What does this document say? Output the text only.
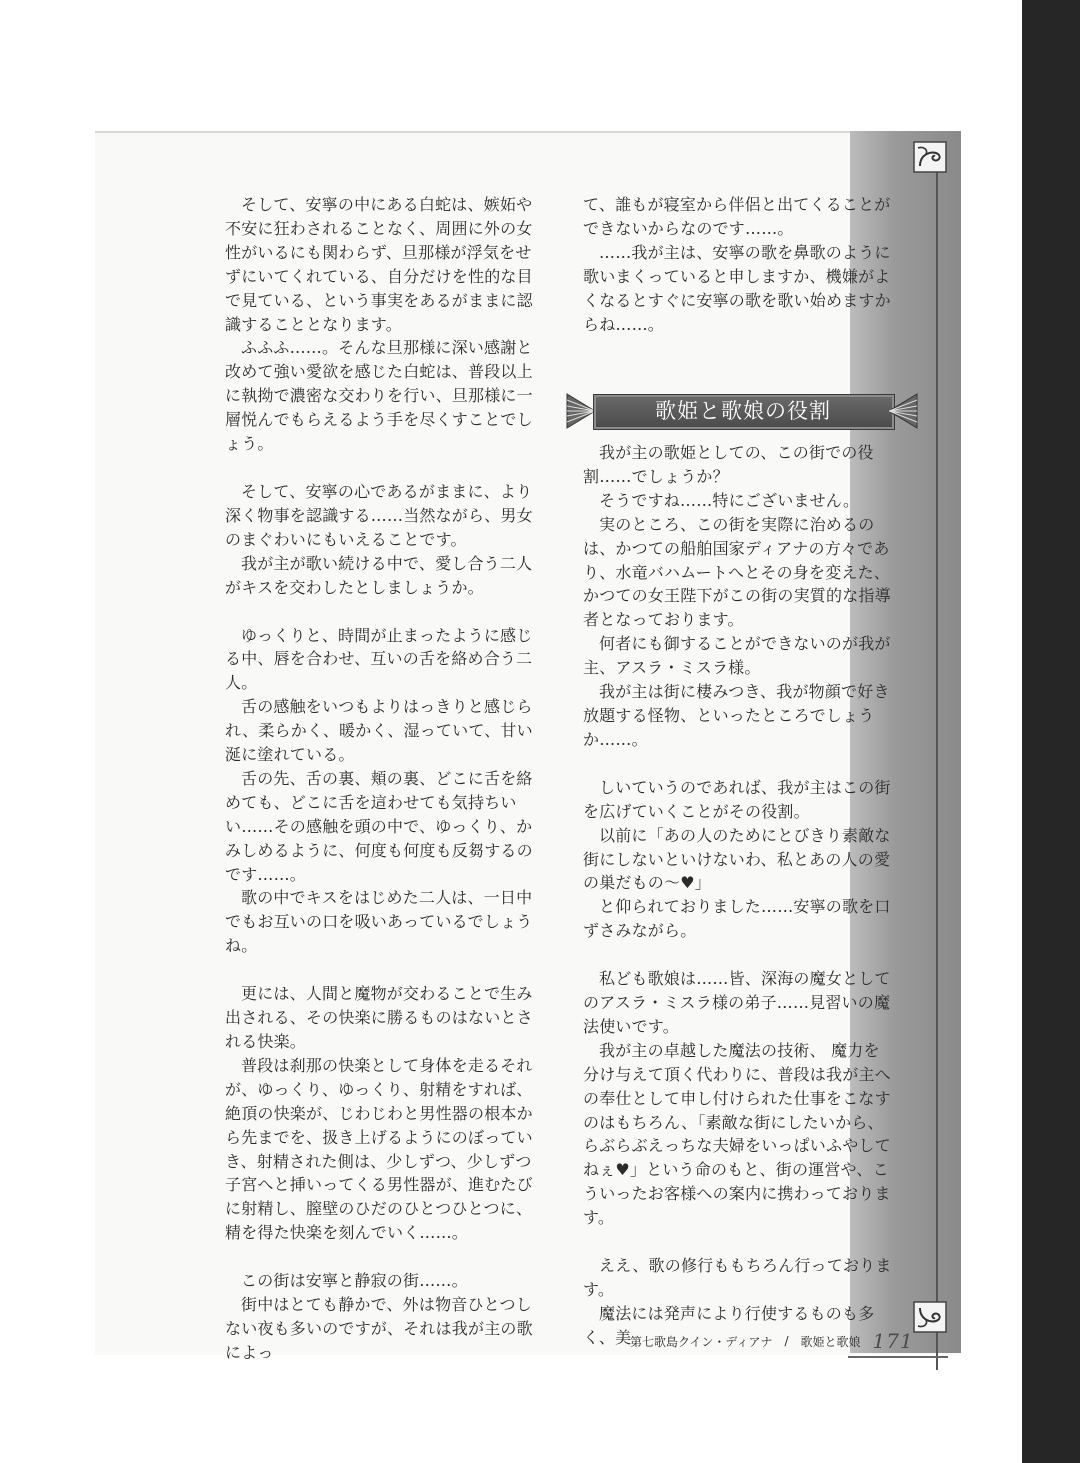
そして、安寧の中にある白蛇は、嫉妬や不安に狂わされることなく、周囲に外の女性がいるにも関わらず、旦那様が浮気をせずにいてくれている、自分だけを性的な目で見ている、という事実をあるがままに認識することとなります。

ふふふ……。そんな旦那様に深い感謝と改めて強い愛欲を感じた白蛇は、普段以上に執拗で濃密な交わりを行い、旦那様に一層悦んでもらえるよう手を尽くすことでしょう。

そして、安寧の心であるがままに、より深く物事を認識する……当然ながら、男女のまぐわいにもいえることです。

我が主が歌い続ける中で、愛し合う二人がキスを交わしたとしましょうか。

ゆっくりと、時間が止まったように感じる中、唇を合わせ、互いの舌を絡め合う二人。

舌の感触をいつもよりはっきりと感じられ、柔らかく、暖かく、湿っていて、甘い涎に塗れている。

舌の先、舌の裏、頬の裏、どこに舌を絡めても、どこに舌を這わせても気持ちいい……その感触を頭の中で、ゆっくり、かみしめるように、何度も何度も反芻するのです……。

歌の中でキスをはじめた二人は、一日中でもお互いの口を吸いあっているでしょうね。

更には、人間と魔物が交わることで生み出される、その快楽に勝るものはないとされる快楽。

普段は刹那の快楽として身体を走るそれが、ゆっくり、ゆっくり、射精をすれば、絶頂の快楽が、じわじわと男性器の根本から先までを、扱き上げるようにのぼっていき、射精された側は、少しずつ、少しずつ子宮へと挿いってくる男性器が、進むたびに射精し、膣壁のひだのひとつひとつに、精を得た快楽を刻んでいく……。

この街は安寧と静寂の街……。

街中はとても静かで、外は物音ひとつしない夜も多いのですが、それは我が主の歌によっ

て、誰もが寝室から伴侶と出てくることができないからなのです……。

……我が主は、安寧の歌を鼻歌のように歌いまくっていると申しますか、機嫌がよくなるとすぐに安寧の歌を歌い始めますからね……。

歌姫と歌娘の役割

我が主の歌姫としての、この街での役割……でしょうか？

そうですね……特にございません。

実のところ、この街を実際に治めるのは、かつての船舶国家ディアナの方々であり、水竜バハムートへとその身を変えた、かつての女王陛下がこの街の実質的な指導者となっております。

何者にも御することができないのが我が主、アスラ・ミスラ様。

我が主は街に棲みつき、我が物顔で好き放題する怪物、といったところでしょうか……。

しいていうのであれば、我が主はこの街を広げていくことがその役割。

以前に「あの人のためにとびきり素敵な街にしないといけないわ、私とあの人の愛の巣だもの～♥」

と仰られておりました……安寧の歌を口ずさみながら。

私ども歌娘は……皆、深海の魔女としてのアスラ・ミスラ様の弟子……見習いの魔法使いです。

我が主の卓越した魔法の技術、 魔力を分け与えて頂く代わりに、普段は我が主への奉仕として申し付けられた仕事をこなすのはもちろん、「素敵な街にしたいから、らぶらぶえっちな夫婦をいっぱいふやしてねぇ♥」という命のもと、街の運営や、こういったお客様への案内に携わっております。

ええ、歌の修行ももちろん行っております。

魔法には発声により行使するものも多く、美

第七歌島クイン・ディアナ / 歌姫と歌娘 171
